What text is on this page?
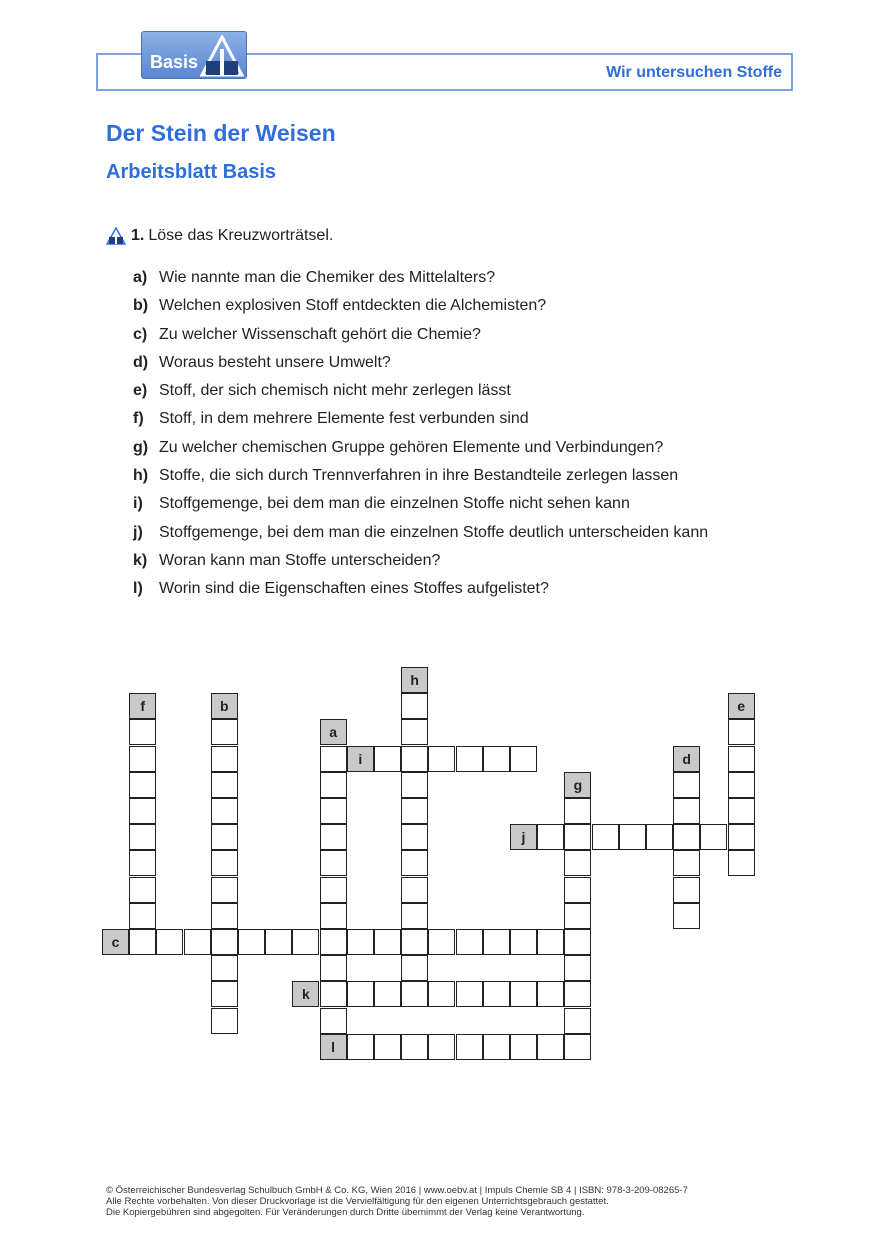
Basis
Wir untersuchen Stoffe
Der Stein der Weisen
Arbeitsblatt Basis
1. Löse das Kreuzworträtsel.
a) Wie nannte man die Chemiker des Mittelalters?
b) Welchen explosiven Stoff entdeckten die Alchemisten?
c) Zu welcher Wissenschaft gehört die Chemie?
d) Woraus besteht unsere Umwelt?
e) Stoff, der sich chemisch nicht mehr zerlegen lässt
f) Stoff, in dem mehrere Elemente fest verbunden sind
g) Zu welcher chemischen Gruppe gehören Elemente und Verbindungen?
h) Stoffe, die sich durch Trennverfahren in ihre Bestandteile zerlegen lassen
i)	Stoffgemenge, bei dem man die einzelnen Stoffe nicht sehen kann
j)	Stoffgemenge, bei dem man die einzelnen Stoffe deutlich unterscheiden kann
k) Woran kann man Stoffe unterscheiden?
l)	Worin sind die Eigenschaften eines Stoffes aufgelistet?
a
l
b
c
d
e
f
g
h
i
j
k
© Österreichischer Bundesverlag Schulbuch GmbH & Co. KG, Wien 2016 | www.oebv.at | Impuls Chemie SB 4 | ISBN: 978-3-209-08265-7
Alle Rechte vorbehalten. Von dieser Druckvorlage ist die Vervielfältigung für den eigenen Unterrichtsgebrauch gestattet.
Die Kopiergebühren sind abgegolten. Für Veränderungen durch Dritte übernimmt der Verlag keine Verantwortung.
